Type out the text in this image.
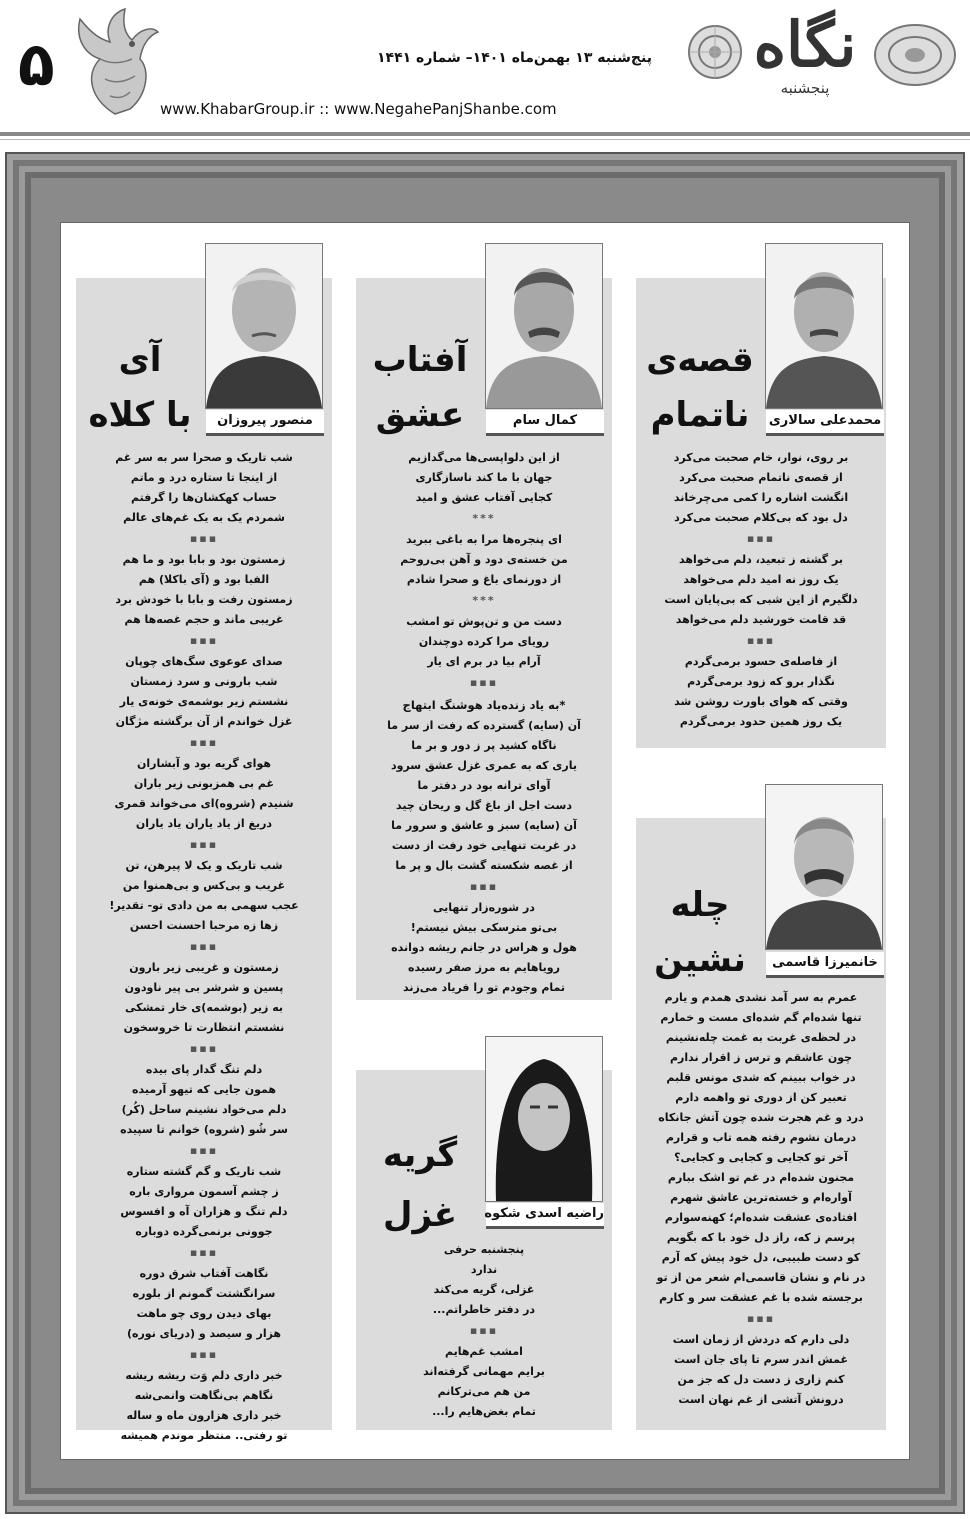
۵	پنج‌شنبه ۱۳ بهمن‌ماه ۱۴۰۱– شماره ۱۴۴۱ نگاه
پنجشنبه
www.KhabarGroup.ir :: www.NegahePanjShanbe.com
محمدعلی سالاری
قصه‌ی
ناتمام
بر روی، نوار، خام صحبت می‌کرد
از قصه‌ی ناتمام صحبت می‌کرد
انگشت اشاره را کمی می‌چرخاند
دل بود که بی‌کلام صحبت می‌کرد
▪▪▪
بر گشته ز تبعید، دلم می‌خواهد
یک روز نه امید دلم می‌خواهد
دلگیرم از این شبی که بی‌پایان است
قد قامت خورشید دلم می‌خواهد
▪▪▪
از فاصله‌ی حسود برمی‌گردم
نگذار برو که زود برمی‌گردم
وقتی که هوای باورت روشن شد
یک روز همین حدود برمی‌گردم
خانمیرزا قاسمی
چله
نشین
عمرم به سر آمد نشدی همدم و یارم
تنها شده‌ام گم شده‌ای مست و خمارم
در لحظه‌ی غربت به غمت چله‌نشینم
چون عاشقم و ترس ز اقرار ندارم
در خواب ببینم که شدی مونس قلبم
تعبیر کن از دوری تو واهمه دارم
درد و غم هجرت شده چون آتش جانکاه
درمان نشوم رفته همه تاب و قرارم
آخر تو کجایی و کجایی و کجایی؟
مجنون شده‌ام در غم تو اشک ببارم
آواره‌ام و خسته‌ترین عاشق شهرم
افتاده‌ی عشقت شده‌ام؛ کهنه‌سوارم
پرسم ز که، راز دل خود با که بگویم
کو دست طبیبی، دل خود پیش که آرم
در نام و نشان قاسمی‌ام شعر من از تو
برجسته شده با غم عشقت سر و کارم
▪▪▪
دلی دارم که دردش از زمان است
غمش اندر سرم تا پای جان است
کنم زاری ز دست دل که جز من
درونش آتشی از غم نهان است
کمال سام
آفتاب
عشق
از این دلواپسی‌ها می‌گدازیم
جهان با ما کند ناسازگاری
کجایی آفتاب عشق و امید
***
ای پنجره‌ها مرا به باغی ببرید
من خسته‌ی دود و آهن بی‌روحم
از دورنمای باغ و صحرا شادم
***
دست من و تن‌پوش تو امشب
رویای مرا کرده دوچندان
آرام بیا در برم ای یار
▪▪▪
*به یاد زنده‌یاد هوشنگ ابتهاج
آن (سایه) گسترده که رفت از سر ما
ناگاه کشید پر ز دور و بر ما
یاری که به عمری غزل عشق سرود
آوای ترانه بود در دفتر ما
دست اجل از باغ گل و ریحان چید
آن (سایه) سبز و عاشق و سرور ما
در غربت تنهایی خود رفت از دست
از غصه شکسته گشت بال و پر ما
▪▪▪
در شوره‌زار تنهایی
بی‌تو مترسکی بیش نیستم!
هول و هراس در جانم ریشه دوانده
رویاهایم به مرز صفر رسیده
تمام وجودم تو را فریاد می‌زند
راضیه اسدی شکوه
گریه
غزل
پنجشنبه حرفی
ندارد
غزلی، گریه می‌کند
در دفتر خاطراتم...
▪▪▪
امشب غم‌هایم
برایم مهمانی گرفته‌اند
من هم می‌ترکانم
تمام بغض‌هایم را...
منصور پیروزان
آی
با کلاه
شب تاریک و صحرا سر به سر غم
از اینجا تا ستاره درد و ماتم
حساب کهکشان‌ها را گرفتم
شمردم یک به یک غم‌های عالم
▪▪▪
زمستون بود و بابا بود و ما هم
الفبا بود و (آی باکلا) هم
زمستون رفت و بابا با خودش برد
غریبی ماند و حجم غصه‌ها هم
▪▪▪
صدای عوعوی سگ‌های چوپان
شب بارونی و سرد زمستان
نشستم زیر بوشمه‌ی خونه‌ی یار
غزل خواندم از آن برگشته مژگان
▪▪▪
هوای گریه بود و آبشاران
غم بی همزبونی زیر باران
شنیدم (شروه)ای می‌خواند قمری
دریغ از یاد یاران یاد یاران
▪▪▪
شب تاریک و یک لا پیرهن، تن
غریب و بی‌کس و بی‌همنوا من
عجب سهمی به من دادی تو- تقدیر!
زها زه مرحبا احسنت احسن
▪▪▪
زمستون و غریبی زیر بارون
پسین و شرشر بی پیر ناودون
به زیر (بوشمه)ی خار تمشکی
نشستم انتظارت تا خروسخون
▪▪▪
دلم تنگ گدار پای بیده
همون جایی که تیهو آرمیده
دلم می‌خواد نشینم ساحل (کُر)
سر شُو (شروه) خوانم تا سپیده
▪▪▪
شب تاریک و گم گشته ستاره
ز چشم آسمون مرواری باره
دلم تنگ و هزاران آه و افسوس
جوونی برنمی‌گرده دوباره
▪▪▪
نگاهت آفتاب شرق دوره
سرانگشتت گمونم از بلوره
بهای دیدن روی چو ماهت
هزار و سیصد و (دریای نوره)
▪▪▪
خبر داری دلم وَت ریشه ریشه
نگاهم بی‌نگاهت وانمی‌شه
خبر داری هزارون ماه و ساله
تو رفتی.. منتظر موندم همیشه
